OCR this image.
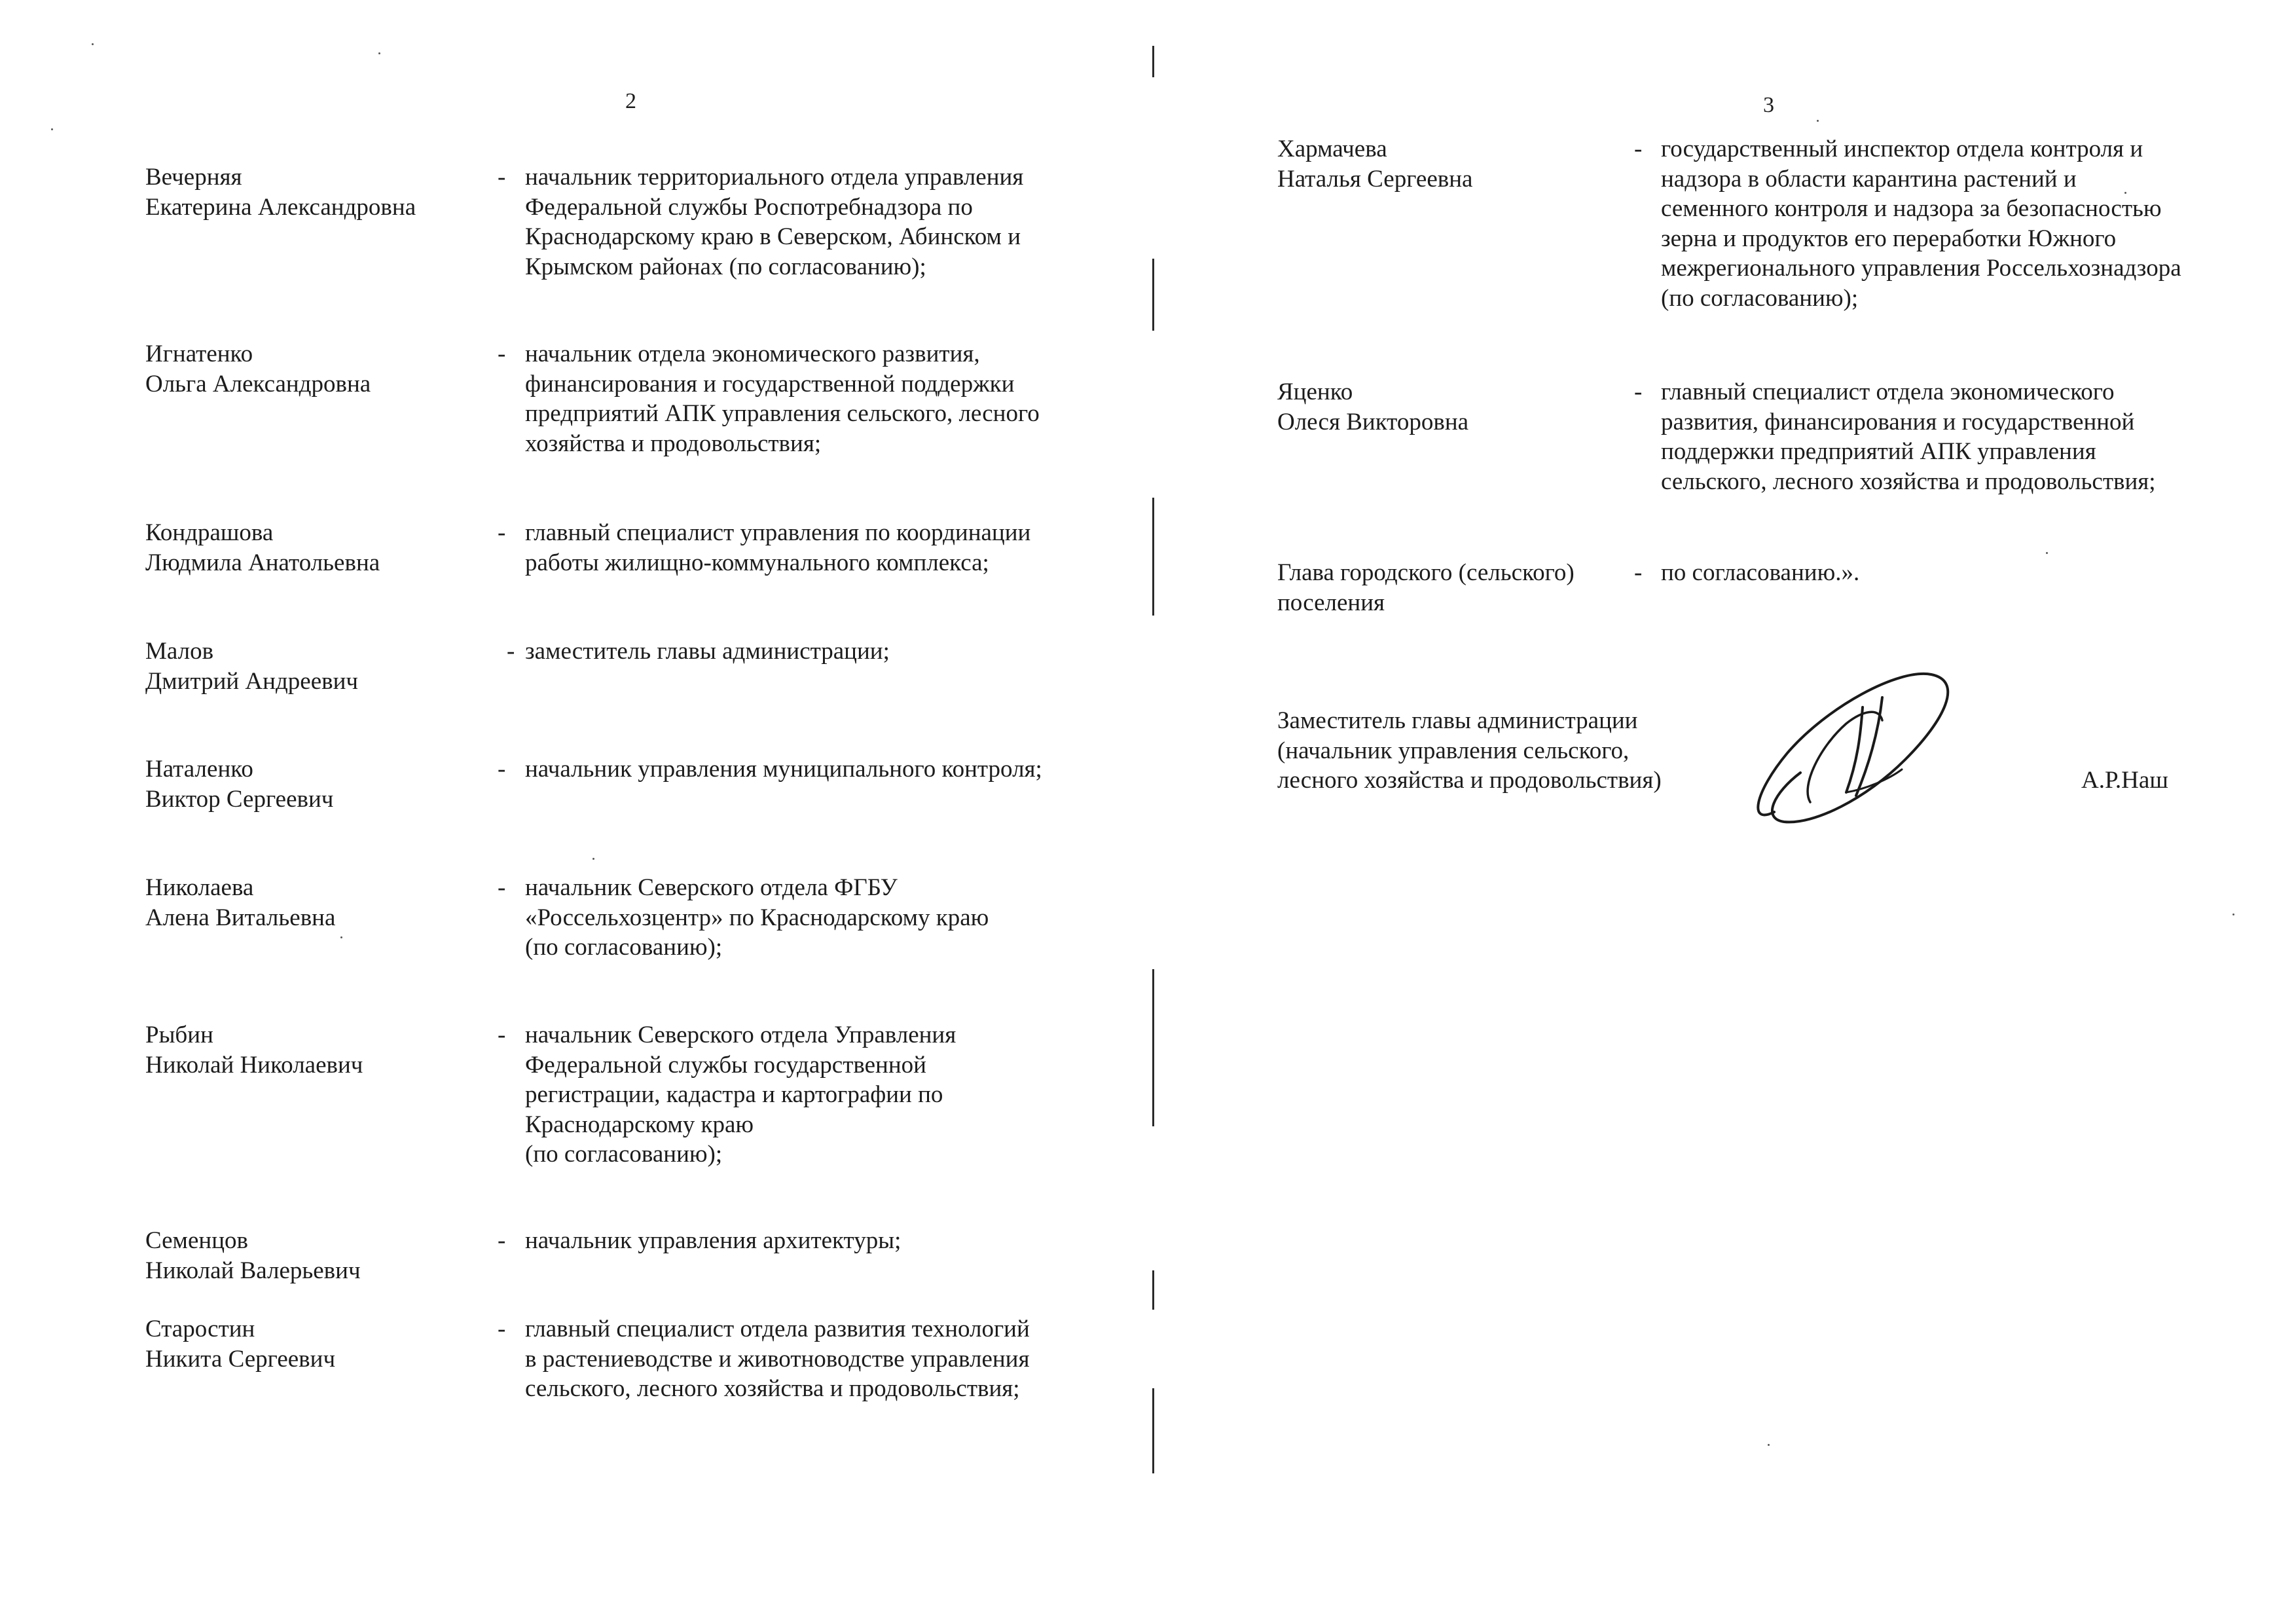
2
Вечерняя
Екатерина Александровна
- начальник территориального отдела управления
Федеральной службы Роспотребнадзора по
Краснодарскому краю в Северском, Абинском и
Крымском районах (по согласованию);
Игнатенко
Ольга Александровна
- начальник отдела экономического развития,
финансирования и государственной поддержки
предприятий АПК управления сельского, лесного
хозяйства и продовольствия;
Кондрашова
Людмила Анатольевна
- главный специалист управления по координации
работы жилищно-коммунального комплекса;
Малов
Дмитрий Андреевич
- заместитель главы администрации;
Наталенко
Виктор Сергеевич
- начальник управления муниципального контроля;
Николаева
Алена Витальевна
- начальник Северского отдела ФГБУ
«Россельхозцентр» по Краснодарскому краю
(по согласованию);
Рыбин
Николай Николаевич
- начальник Северского отдела Управления
Федеральной службы государственной
регистрации, кадастра и картографии по
Краснодарскому краю
(по согласованию);
Семенцов
Николай Валерьевич
- начальник управления архитектуры;
Старостин
Никита Сергеевич
- главный специалист отдела развития технологий
в растениеводстве и животноводстве управления
сельского, лесного хозяйства и продовольствия;
3
Хармачева
Наталья Сергеевна
- государственный инспектор отдела контроля и
надзора в области карантина растений и
семенного контроля и надзора за безопасностью
зерна и продуктов его переработки Южного
межрегионального управления Россельхознадзора
(по согласованию);
Яценко
Олеся Викторовна
- главный специалист отдела экономического
развития, финансирования и государственной
поддержки предприятий АПК управления
сельского, лесного хозяйства и продовольствия;
Глава городского (сельского)
поселения
- по согласованию.».
Заместитель главы администрации
(начальник управления сельского,
лесного хозяйства и продовольствия)	А.Р.Наш
